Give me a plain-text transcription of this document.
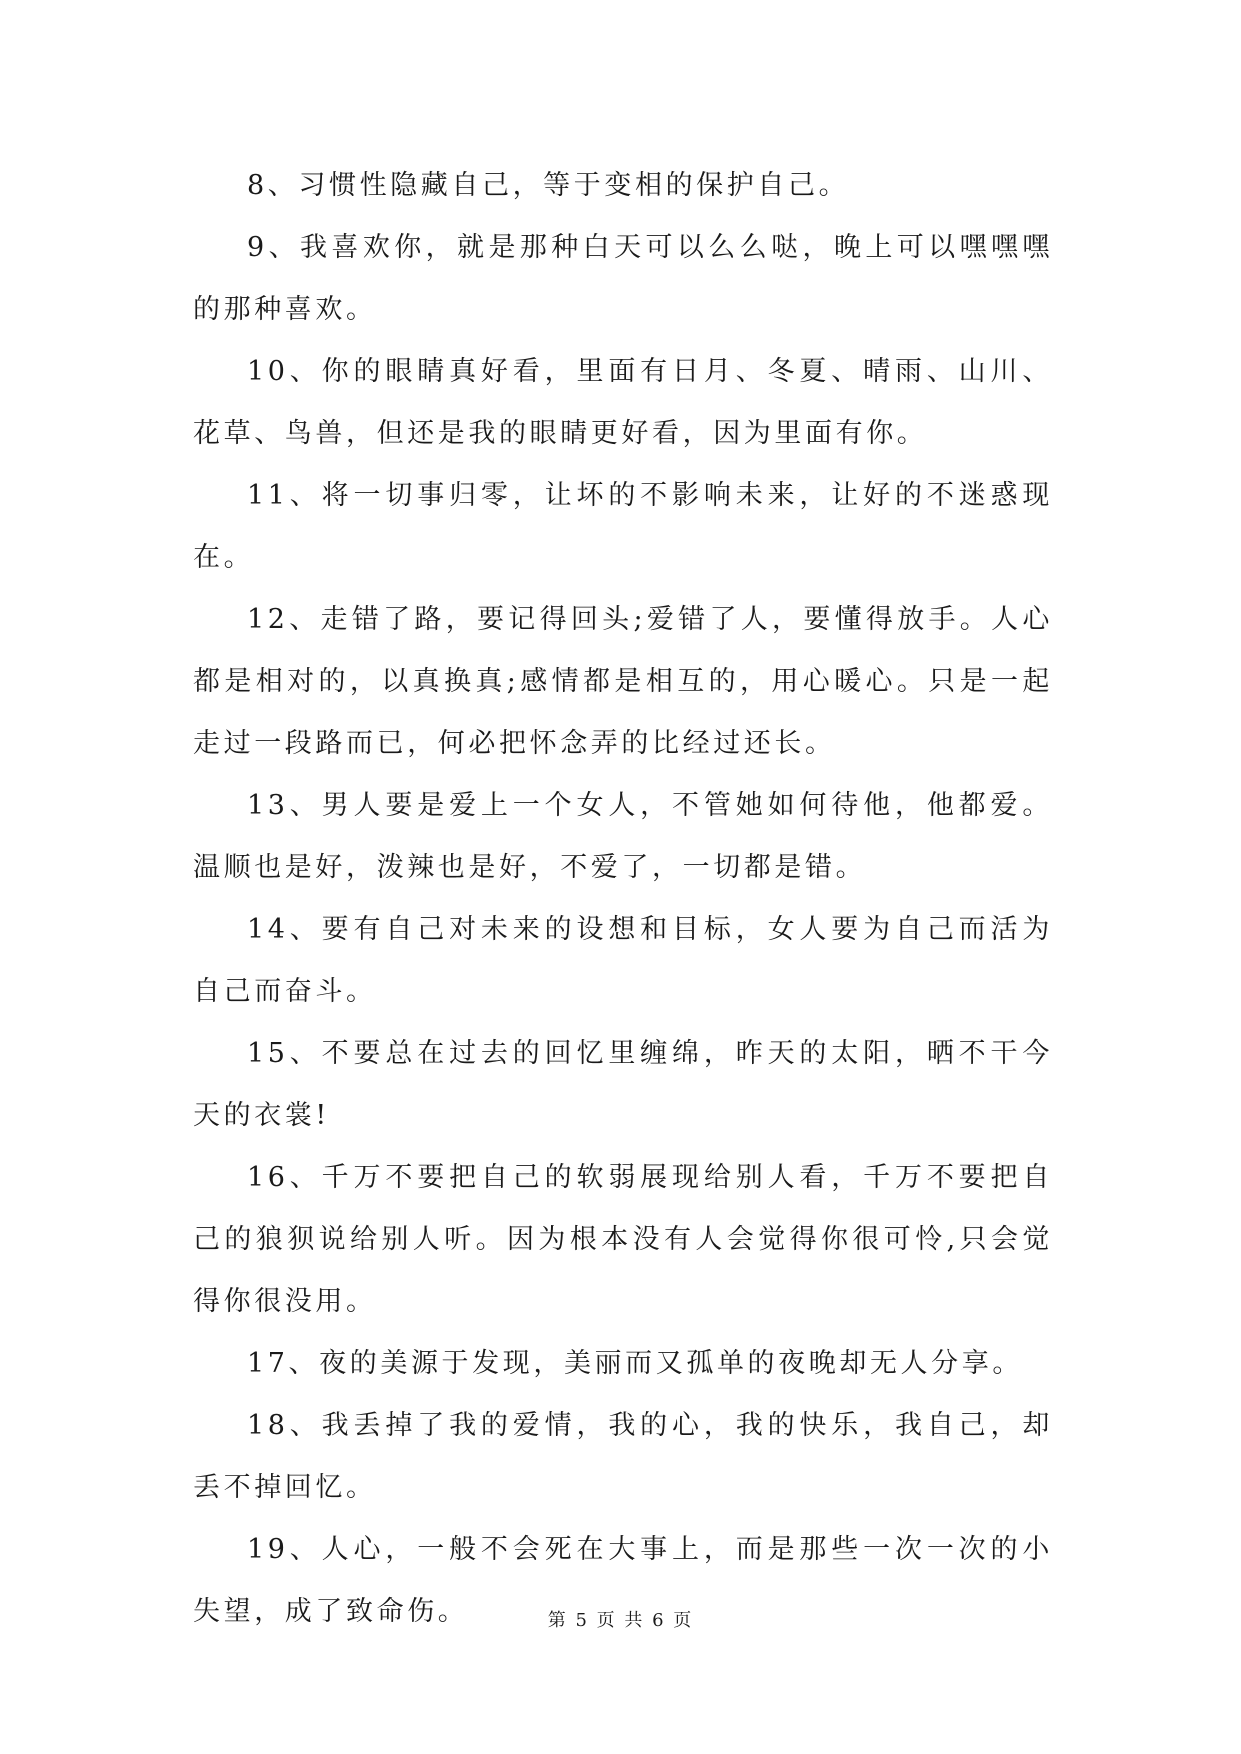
8、习惯性隐藏自己，等于变相的保护自己。

9、我喜欢你，就是那种白天可以么么哒，晚上可以嘿嘿嘿的那种喜欢。

10、你的眼睛真好看，里面有日月、冬夏、晴雨、山川、花草、鸟兽，但还是我的眼睛更好看，因为里面有你。

11、将一切事归零，让坏的不影响未来，让好的不迷惑现在。

12、走错了路，要记得回头;爱错了人，要懂得放手。人心都是相对的，以真换真;感情都是相互的，用心暖心。只是一起走过一段路而已，何必把怀念弄的比经过还长。

13、男人要是爱上一个女人，不管她如何待他，他都爱。温顺也是好，泼辣也是好，不爱了，一切都是错。

14、要有自己对未来的设想和目标，女人要为自己而活为自己而奋斗。

15、不要总在过去的回忆里缠绵，昨天的太阳，晒不干今天的衣裳!

16、千万不要把自己的软弱展现给别人看，千万不要把自己的狼狈说给别人听。因为根本没有人会觉得你很可怜,只会觉得你很没用。

17、夜的美源于发现，美丽而又孤单的夜晚却无人分享。

18、我丢掉了我的爱情，我的心，我的快乐，我自己，却丢不掉回忆。

19、人心，一般不会死在大事上，而是那些一次一次的小失望，成了致命伤。	第 5 页 共 6 页
